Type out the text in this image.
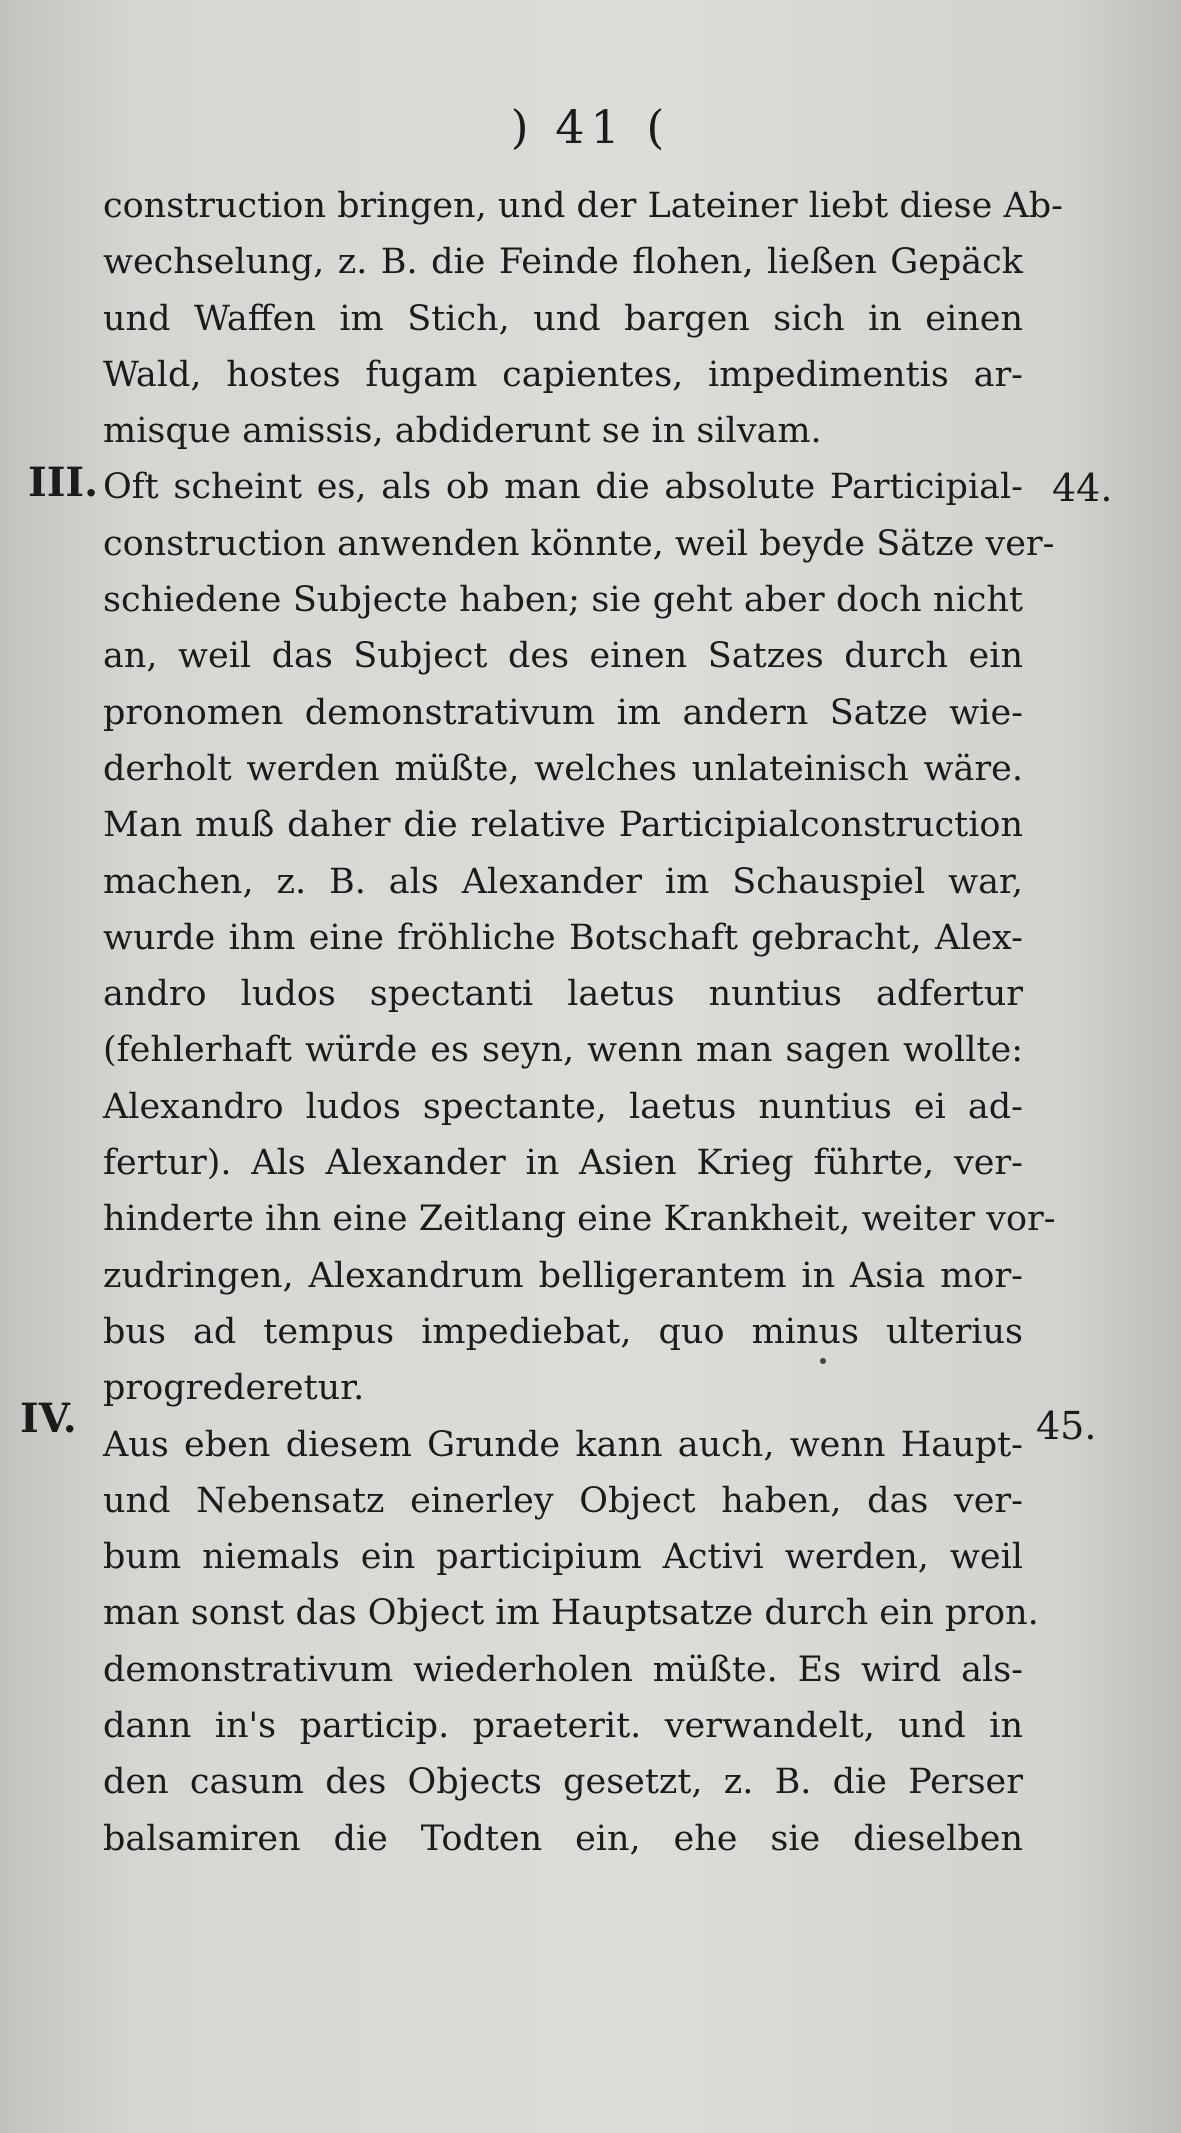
) 41 (
III.
IV.
44.
45.
construction bringen, und der Lateiner liebt diese Ab-
wechselung, z. B. die Feinde flohen, ließen Gepäck
und Waffen im Stich, und bargen sich in einen
Wald, hostes fugam capientes, impedimentis ar-
misque amissis, abdiderunt se in silvam.
Oft scheint es, als ob man die absolute Participial-
construction anwenden könnte, weil beyde Sätze ver-
schiedene Subjecte haben; sie geht aber doch nicht
an, weil das Subject des einen Satzes durch ein
pronomen demonstrativum im andern Satze wie-
derholt werden müßte, welches unlateinisch wäre.
Man muß daher die relative Participialconstruction
machen, z. B. als Alexander im Schauspiel war,
wurde ihm eine fröhliche Botschaft gebracht, Alex-
andro ludos spectanti laetus nuntius adfertur
(fehlerhaft würde es seyn, wenn man sagen wollte:
Alexandro ludos spectante, laetus nuntius ei ad-
fertur). Als Alexander in Asien Krieg führte, ver-
hinderte ihn eine Zeitlang eine Krankheit, weiter vor-
zudringen, Alexandrum belligerantem in Asia mor-
bus ad tempus impediebat, quo minus ulterius
progrederetur.
Aus eben diesem Grunde kann auch, wenn Haupt-
und Nebensatz einerley Object haben, das ver-
bum niemals ein participium Activi werden, weil
man sonst das Object im Hauptsatze durch ein pron.
demonstrativum wiederholen müßte. Es wird als-
dann in's particip. praeterit. verwandelt, und in
den casum des Objects gesetzt, z. B. die Perser
balsamiren die Todten ein, ehe sie dieselben
